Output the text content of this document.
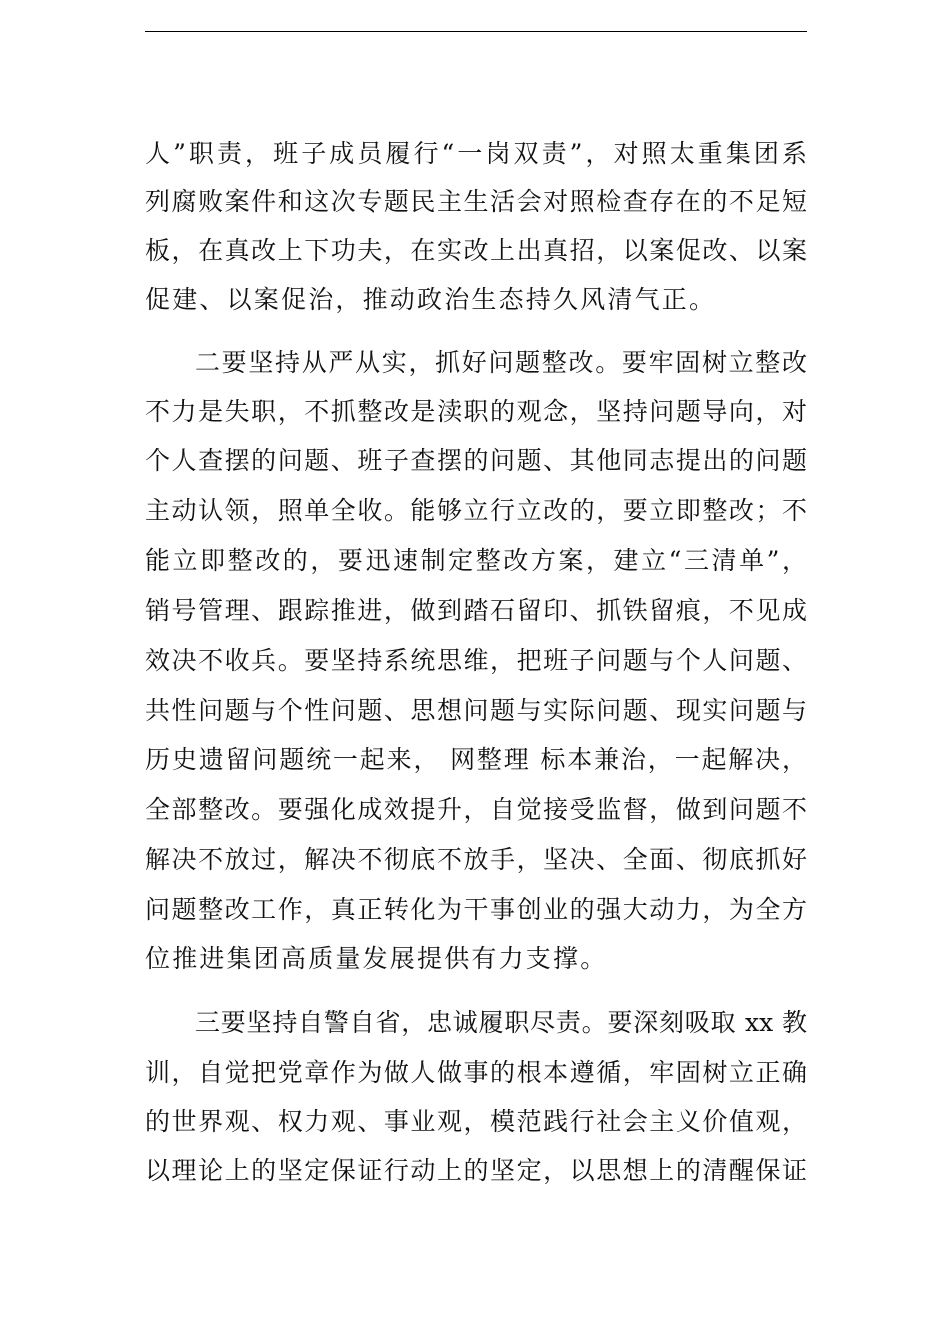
人”职责，班子成员履行“一岗双责”，对照太重集团系
列腐败案件和这次专题民主生活会对照检查存在的不足短
板，在真改上下功夫，在实改上出真招，以案促改、以案
促建、以案促治，推动政治生态持久风清气正。
二要坚持从严从实，抓好问题整改。要牢固树立整改
不力是失职，不抓整改是渎职的观念，坚持问题导向，对
个人查摆的问题、班子查摆的问题、其他同志提出的问题
主动认领，照单全收。能够立行立改的，要立即整改；不
能立即整改的，要迅速制定整改方案，建立“三清单”，
销号管理、跟踪推进，做到踏石留印、抓铁留痕，不见成
效决不收兵。要坚持系统思维，把班子问题与个人问题、
共性问题与个性问题、思想问题与实际问题、现实问题与
历史遗留问题统一起来， 网整理 标本兼治，一起解决，
全部整改。要强化成效提升，自觉接受监督，做到问题不
解决不放过，解决不彻底不放手，坚决、全面、彻底抓好
问题整改工作，真正转化为干事创业的强大动力，为全方
位推进集团高质量发展提供有力支撑。
三要坚持自警自省，忠诚履职尽责。要深刻吸取 xx 教
训，自觉把党章作为做人做事的根本遵循，牢固树立正确
的世界观、权力观、事业观，模范践行社会主义价值观，
以理论上的坚定保证行动上的坚定，以思想上的清醒保证
